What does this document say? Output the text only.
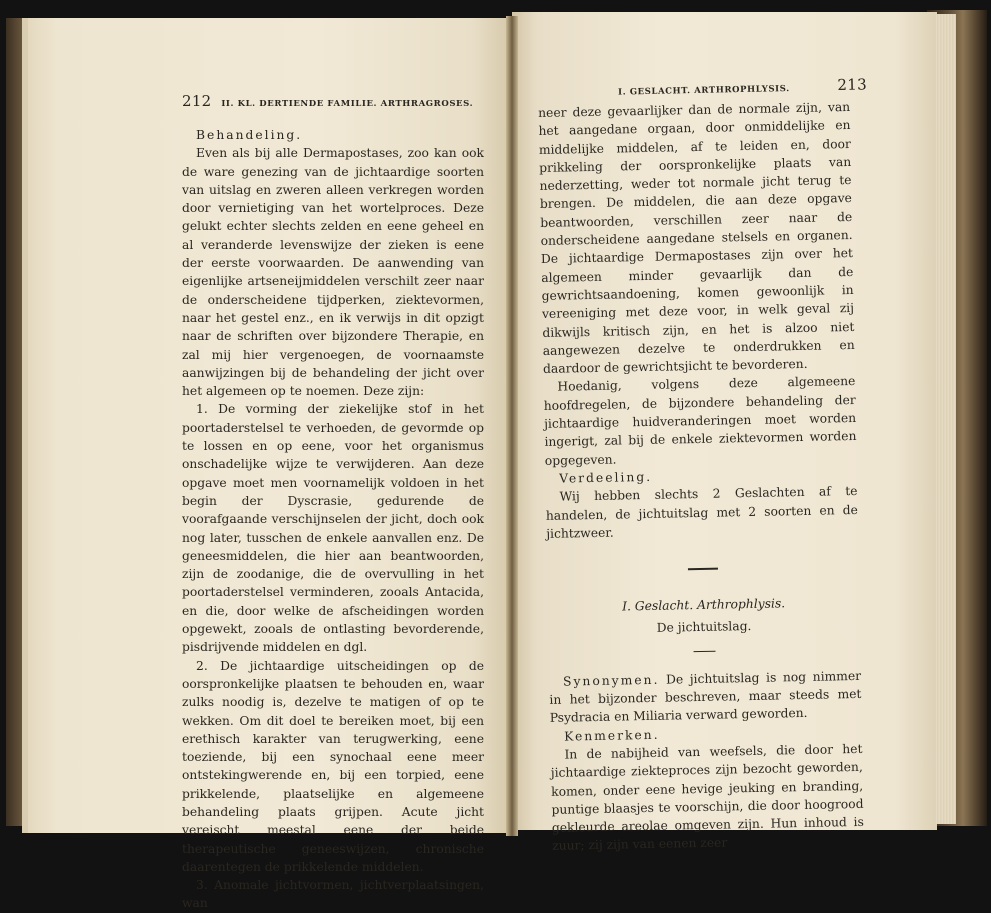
212 II. KL. DERTIENDE FAMILIE. ARTHRAGROSES.

Behandeling.

Even als bij alle Dermapostases, zoo kan ook de ware genezing van de jichtaardige soorten van uitslag en zweren alleen verkregen worden door vernietiging van het wortelproces. Deze gelukt echter slechts zelden en eene geheel en al veranderde levenswijze der zieken is eene der eerste voorwaarden. De aanwending van eigenlijke artseneijmiddelen verschilt zeer naar de onderscheidene tijdperken, ziektevormen, naar het gestel enz., en ik verwijs in dit opzigt naar de schriften over bijzondere Therapie, en zal mij hier vergenoegen, de voornaamste aanwijzingen bij de behandeling der jicht over het algemeen op te noemen. Deze zijn:

1. De vorming der ziekelijke stof in het poortaderstelsel te verhoeden, de gevormde op te lossen en op eene, voor het organismus onschadelijke wijze te verwijderen. Aan deze opgave moet men voornamelijk voldoen in het begin der Dyscrasie, gedurende de voorafgaande verschijnselen der jicht, doch ook nog later, tusschen de enkele aanvallen enz. De geneesmiddelen, die hier aan beantwoorden, zijn de zoodanige, die de overvulling in het poortaderstelsel verminderen, zooals Antacida, en die, door welke de afscheidingen worden opgewekt, zooals de ontlasting bevorderende, pisdrijvende middelen en dgl.

2. De jichtaardige uitscheidingen op de oorspronkelijke plaatsen te behouden en, waar zulks noodig is, dezelve te matigen of op te wekken. Om dit doel te bereiken moet, bij een erethisch karakter van terugwerking, eene toeziende, bij een synochaal eene meer ontstekingwerende en, bij een torpied, eene prikkelende, plaatselijke en algemeene behandeling plaats grijpen. Acute jicht vereischt meestal eene der beide therapeutische geneeswijzen, chronische daarentegen de prikkelende middelen.

3. Anomale jichtvormen, jichtverplaatsingen, wan

I. GESLACHT. ARTHROPHLYSIS.	213

neer deze gevaarlijker dan de normale zijn, van het aangedane orgaan, door onmiddelijke en middelijke middelen, af te leiden en, door prikkeling der oorspronkelijke plaats van nederzetting, weder tot normale jicht terug te brengen. De middelen, die aan deze opgave beantwoorden, verschillen zeer naar de onderscheidene aangedane stelsels en organen. De jichtaardige Dermapostases zijn over het algemeen minder gevaarlijk dan de gewrichtsaandoening, komen gewoonlijk in vereeniging met deze voor, in welk geval zij dikwijls kritisch zijn, en het is alzoo niet aangewezen dezelve te onderdrukken en daardoor de gewrichtsjicht te bevorderen.

Hoedanig, volgens deze algemeene hoofdregelen, de bijzondere behandeling der jichtaardige huidveranderingen moet worden ingerigt, zal bij de enkele ziektevormen worden opgegeven.

Verdeeling.

Wij hebben slechts 2 Geslachten af te handelen, de jichtuitslag met 2 soorten en de jichtzweer.

I. Geslacht. Arthrophlysis.

De jichtuitslag.

Synonymen. De jichtuitslag is nog nimmer in het bijzonder beschreven, maar steeds met Psydracia en Miliaria verward geworden.

Kenmerken.

In de nabijheid van weefsels, die door het jichtaardige ziekteproces zijn bezocht geworden, komen, onder eene hevige jeuking en branding, puntige blaasjes te voorschijn, die door hoogrood gekleurde areolae omgeven zijn. Hun inhoud is zuur; zij zijn van eenen zeer
